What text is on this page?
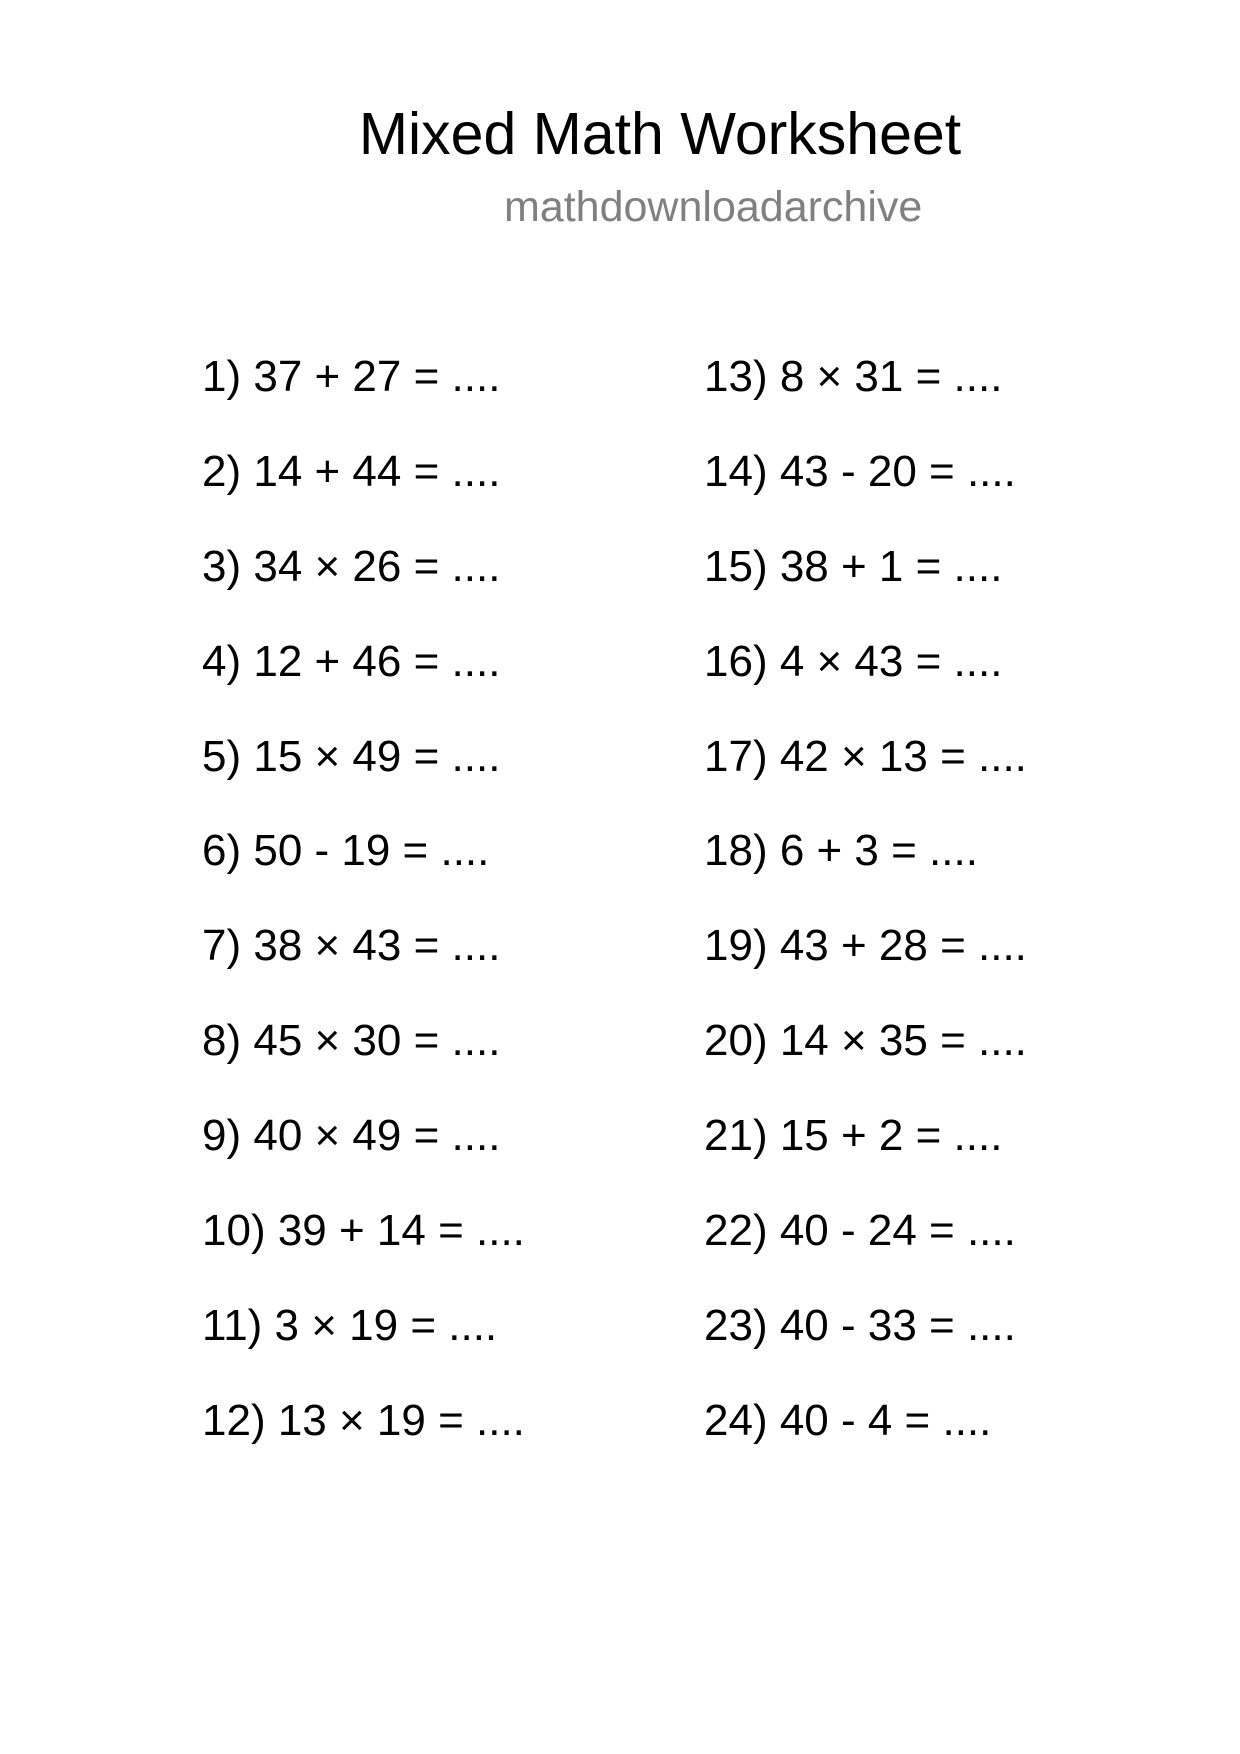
Mixed Math Worksheet
mathdownloadarchive
1) 37 + 27 = ....
2) 14 + 44 = ....
3) 34 × 26 = ....
4) 12 + 46 = ....
5) 15 × 49 = ....
6) 50 - 19 = ....
7) 38 × 43 = ....
8) 45 × 30 = ....
9) 40 × 49 = ....
10) 39 + 14 = ....
11) 3 × 19 = ....
12) 13 × 19 = ....
13) 8 × 31 = ....
14) 43 - 20 = ....
15) 38 + 1 = ....
16) 4 × 43 = ....
17) 42 × 13 = ....
18) 6 + 3 = ....
19) 43 + 28 = ....
20) 14 × 35 = ....
21) 15 + 2 = ....
22) 40 - 24 = ....
23) 40 - 33 = ....
24) 40 - 4 = ....
